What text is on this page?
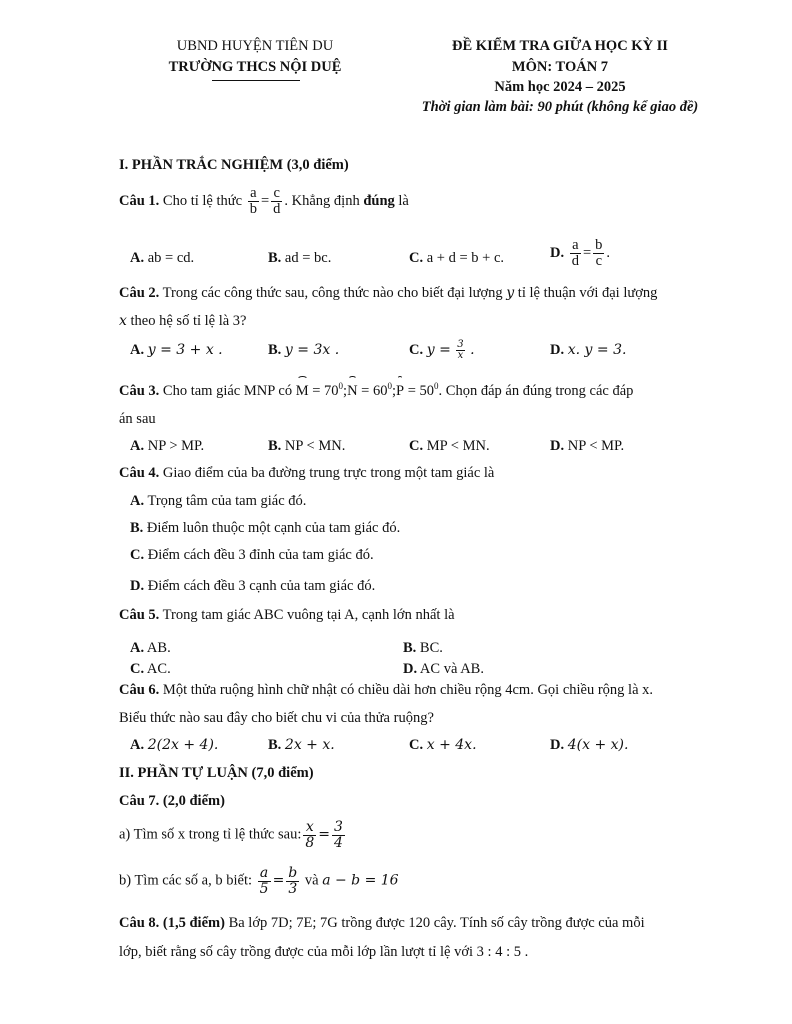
UBND HUYỆN TIÊN DU
TRƯỜNG THCS NỘI DUỆ
ĐỀ KIỂM TRA GIỮA HỌC KỲ II
MÔN: TOÁN 7
Năm học 2024 – 2025
Thời gian làm bài: 90 phút (không kể giao đề)
I. PHẦN TRẮC NGHIỆM (3,0 điểm)
Câu 1. Cho tỉ lệ thức $\frac{a}{b} = \frac{c}{d}$ . Khẳng định đúng là
A. ab = cd.	B. ad = bc.	C. a + d = b + c.	D. $\frac{a}{d} = \frac{b}{c}$ .
Câu 2. Trong các công thức sau, công thức nào cho biết đại lượng y tỉ lệ thuận với đại lượng
x theo hệ số tỉ lệ là 3?
A. y = 3 + x .	B. y = 3x .	C. $y = \frac{3}{x}$ .	D. x. y = 3.
Câu 3. Cho tam giác MNP có $M = 70^0;N$ = $60^0;P = 50^0$. Chọn đáp án đúng trong các đáp
án sau
A. NP > MP.	B. NP < MN.	C. MP < MN.	D. NP < MP.
Câu 4. Giao điểm của ba đường trung trực trong một tam giác là
A. Trọng tâm của tam giác đó.
B. Điểm luôn thuộc một cạnh của tam giác đó.
C. Điểm cách đều 3 đỉnh của tam giác đó.
D. Điểm cách đều 3 cạnh của tam giác đó.
Câu 5. Trong tam giác ABC vuông tại A, cạnh lớn nhất là
A. AB.	B. BC.
C. AC.	D. AC và AB.
Câu 6. Một thửa ruộng hình chữ nhật có chiều dài hơn chiều rộng 4cm. Gọi chiều rộng là x.
Biểu thức nào sau đây cho biết chu vi của thửa ruộng?
A. 2(2x + 4).	B. 2x + x.	C. x + 4x.	D. 4(x + x).
II. PHẦN TỰ LUẬN (7,0 điểm)
Câu 7. (2,0 điểm)
a) Tìm số x trong tỉ lệ thức sau: $\frac{x}{8} = \frac{3}{4}$
b) Tìm các số a, b biết: $\frac{a}{5} = \frac{b}{3}$ và a − b = 16
Câu 8. (1,5 điểm) Ba lớp 7D; 7E; 7G trồng được 120 cây. Tính số cây trồng được của mỗi
lớp, biết rằng số cây trồng được của mỗi lớp lần lượt tỉ lệ với 3 : 4 : 5 .
